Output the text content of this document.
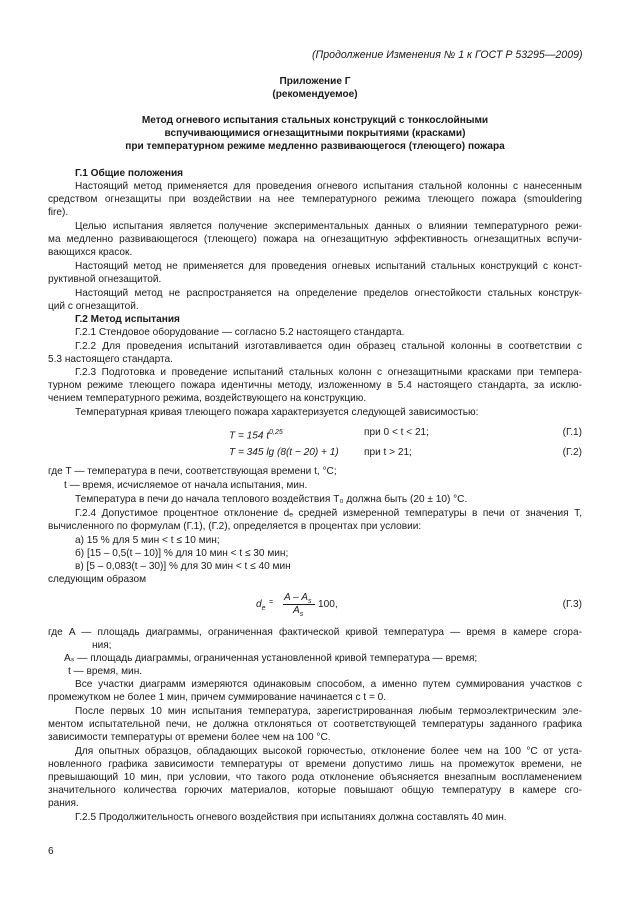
(Продолжение Изменения № 1 к ГОСТ Р 53295—2009)
Приложение Г
(рекомендуемое)
Метод огневого испытания стальных конструкций с тонкослойными
вспучивающимися огнезащитными покрытиями (красками)
при температурном режиме медленно развивающегося (тлеющего) пожара
Г.1 Общие положения
Настоящий метод применяется для проведения огневого испытания стальной колонны с нанесенным
средством огнезащиты при воздействии на нее температурного режима тлеющего пожара (smouldering
fire).
Целью испытания является получение экспериментальных данных о влиянии температурного режи-
ма медленно развивающегося (тлеющего) пожара на огнезащитную эффективность огнезащитных вспучи-
вающихся красок.
Настоящий метод не применяется для проведения огневых испытаний стальных конструкций с конст-
руктивной огнезащитой.
Настоящий метод не распространяется на определение пределов огнестойкости стальных конструк-
ций с огнезащитой.
Г.2 Метод испытания
Г.2.1 Стендовое оборудование — согласно 5.2 настоящего стандарта.
Г.2.2 Для проведения испытаний изготавливается один образец стальной колонны в соответствии с
5.3 настоящего стандарта.
Г.2.3 Подготовка и проведение испытаний стальных колонн с огнезащитными красками при темпера-
турном режиме тлеющего пожара идентичны методу, изложенному в 5.4 настоящего стандарта, за исклю-
чением температурного режима, воздействующего на конструкцию.
Температурная кривая тлеющего пожара характеризуется следующей зависимостью:
T = 154 $t^{0,25}$	при 0 < t < 21;	(Г.1)
T = 345 lg (8(t − 20) + 1)	при t > 21;	(Г.2)
где T — температура в печи, соответствующая времени t, °С;
t — время, исчисляемое от начала испытания, мин.
Температура в печи до начала теплового воздействия T₀ должна быть (20 ± 10) °С.
Г.2.4 Допустимое процентное отклонение dₑ средней измеренной температуры в печи от значения T,
вычисленного по формулам (Г.1), (Г.2), определяется в процентах при условии:
а) 15 % для 5 мин < t ≤ 10 мин;
б) [15 – 0,5(t – 10)] % для 10 мин < t ≤ 30 мин;
в) [5 – 0,083(t – 30)] % для 30 мин < t ≤ 40 мин
следующим образом
$d_e$
= A – $A_s$
$A_s$
100,	(Г.3)
где A — площадь диаграммы, ограниченная фактической кривой температура — время в камере сгора-
ния;
Aₛ — площадь диаграммы, ограниченная установленной кривой температура — время;
t — время, мин.
Все участки диаграмм измеряются одинаковым способом, а именно путем суммирования участков с
промежутком не более 1 мин, причем суммирование начинается с t = 0.
После первых 10 мин испытания температура, зарегистрированная любым термоэлектрическим эле-
ментом испытательной печи, не должна отклоняться от соответствующей температуры заданного графика
зависимости температуры от времени более чем на 100 °С.
Для опытных образцов, обладающих высокой горючестью, отклонение более чем на 100 °С от уста-
новленного графика зависимости температуры от времени допустимо лишь на промежуток времени, не
превышающий 10 мин, при условии, что такого рода отклонение объясняется внезапным воспламенением
значительного количества горючих материалов, которые повышают общую температуру в камере сго-
рания.
Г.2.5 Продолжительность огневого воздействия при испытаниях должна составлять 40 мин.
6
